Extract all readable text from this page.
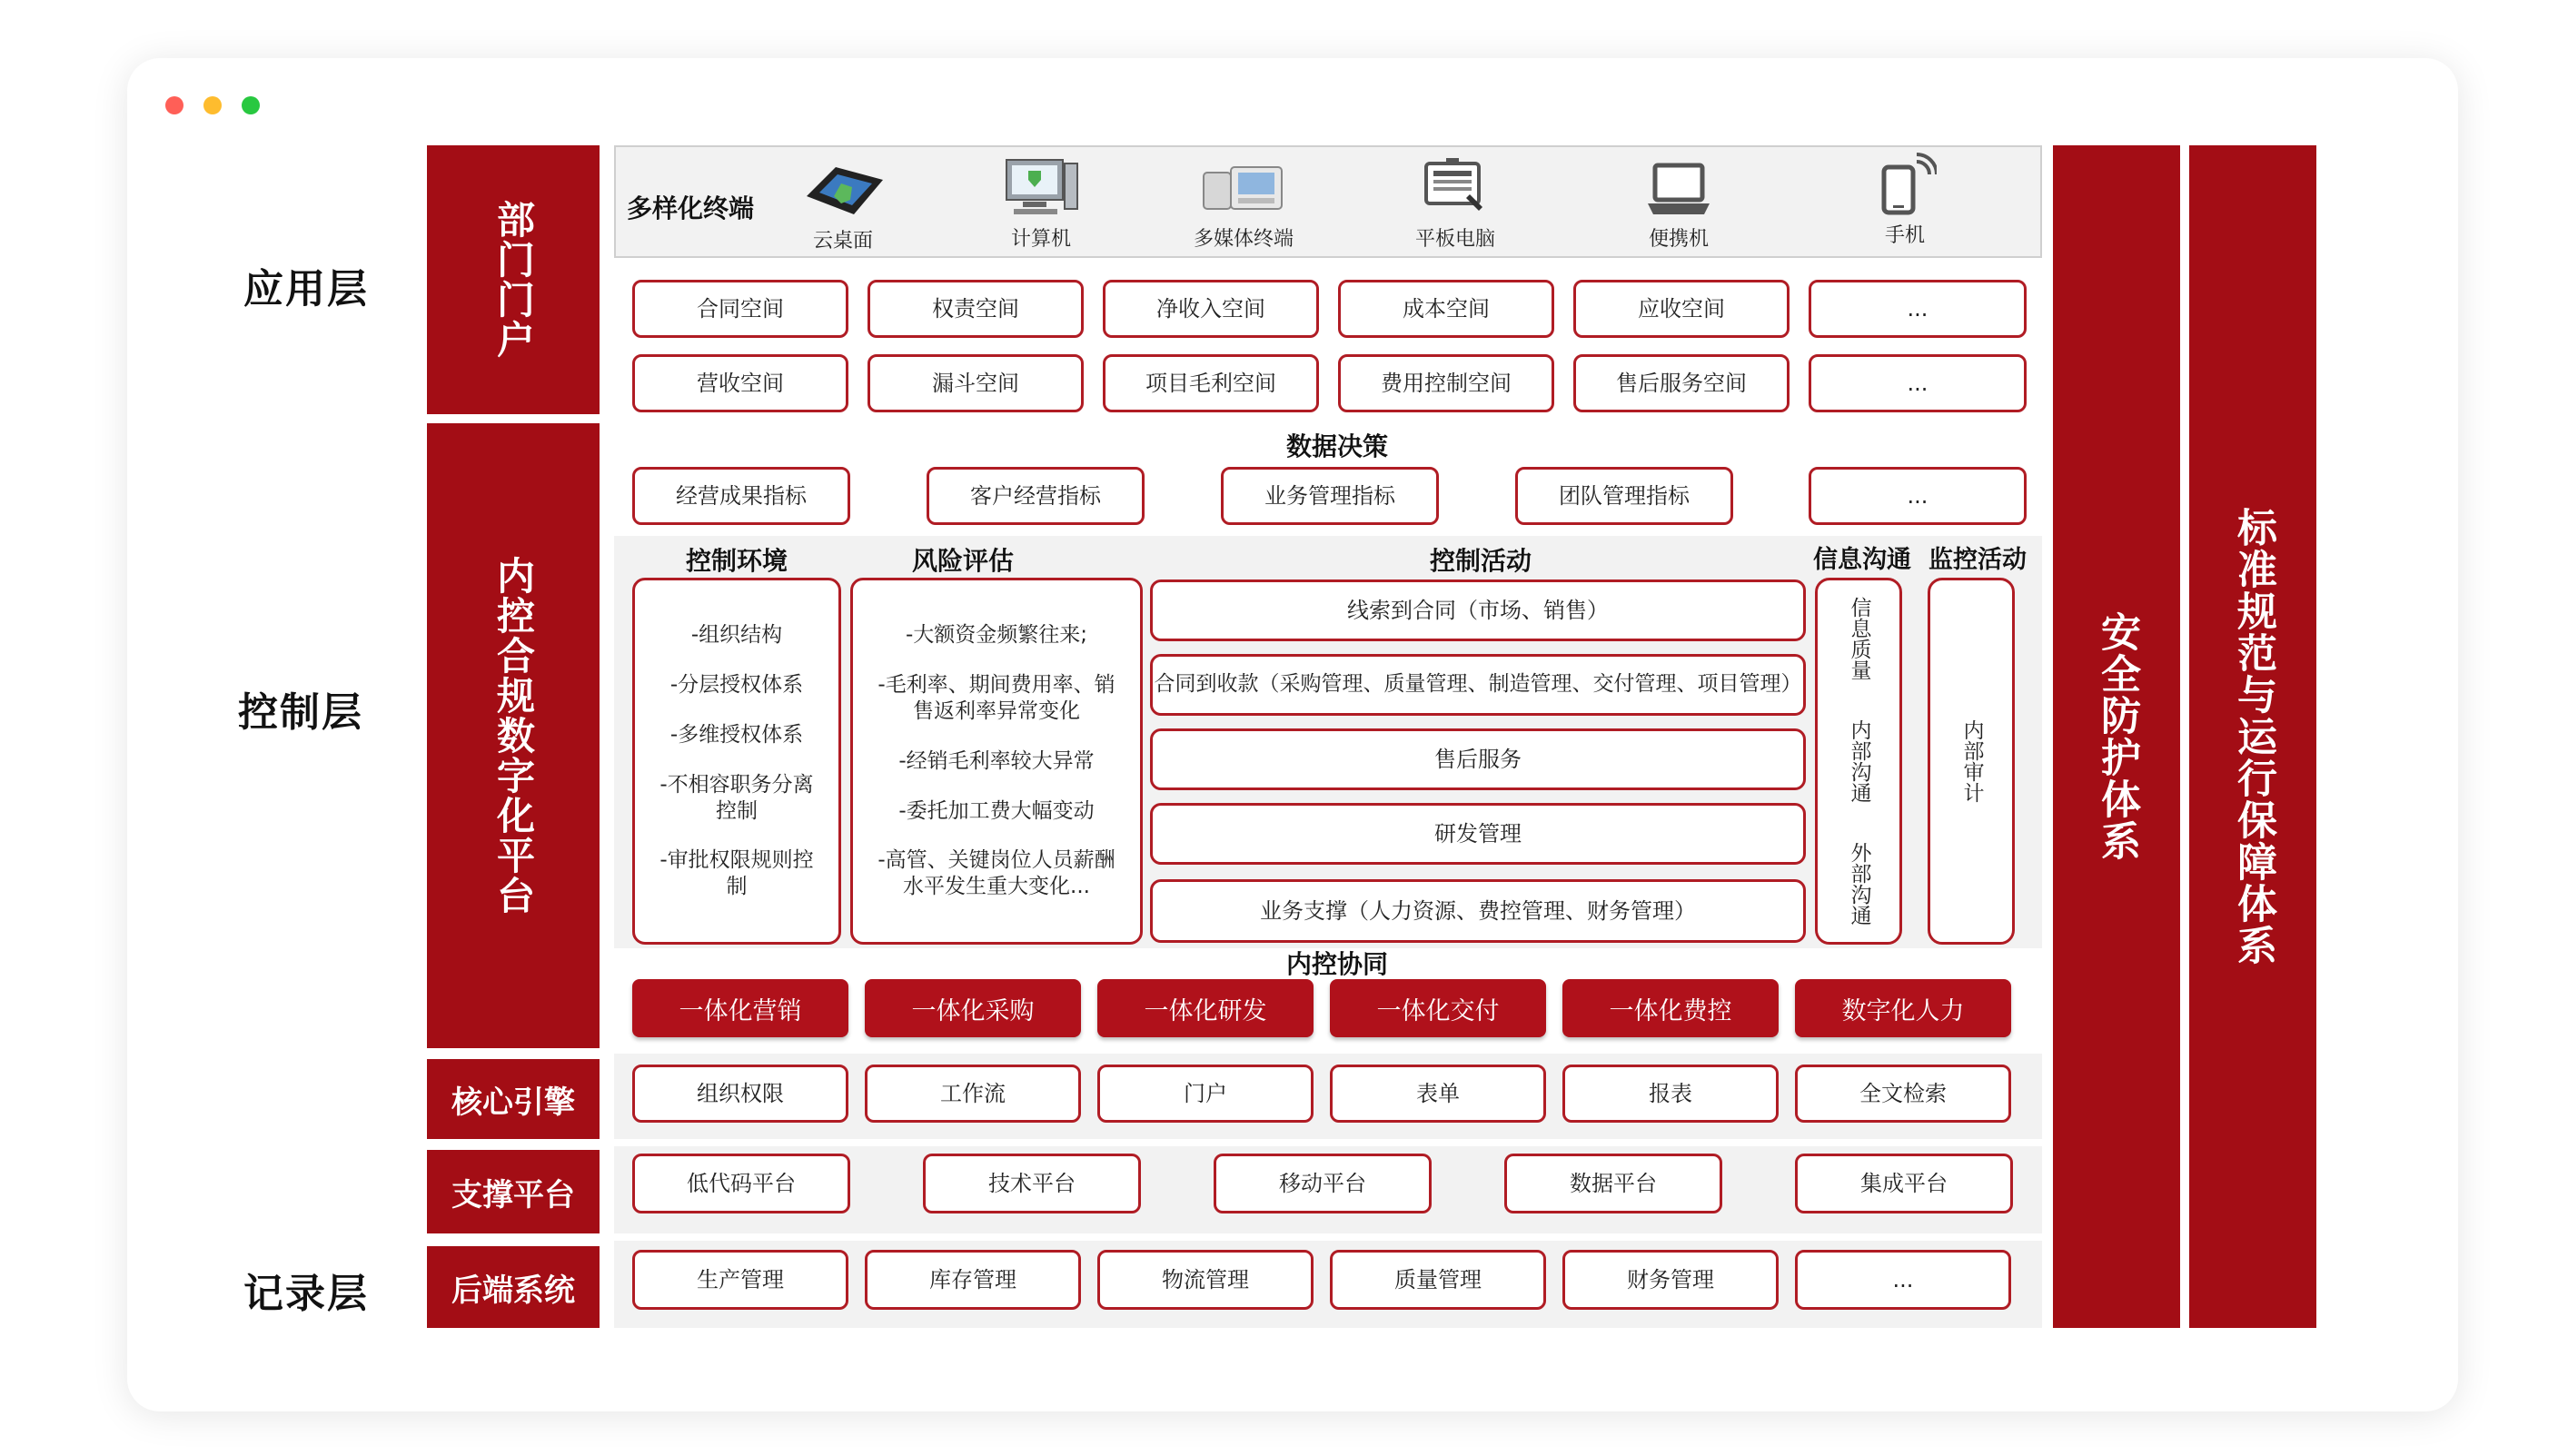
应用层
控制层
记录层
部门门户
内控合规数字化平台
核心引擎
支撑平台
后端系统
安全防护体系 标准规范与运行保障体系
多样化终端
云桌面	计算机	多媒体终端	平板电脑	便携机	手机
合同空间	权责空间	净收入空间	成本空间	应收空间	...
营收空间	漏斗空间	项目毛利空间	费用控制空间	售后服务空间	...
数据决策
经营成果指标	客户经营指标	业务管理指标	团队管理指标	...
控制环境	风险评估	控制活动	信息沟通 监控活动
-组织结构
-分层授权体系
-多维授权体系
-不相容职务分离控制
-审批权限规则控制
-大额资金频繁往来;
-毛利率、期间费用率、销售返利率异常变化
-经销毛利率较大异常
-委托加工费大幅变动
-高管、关键岗位人员薪酬水平发生重大变化...
线索到合同（市场、销售）
合同到收款（采购管理、质量管理、制造管理、交付管理、项目管理）
售后服务
研发管理
业务支撑（人力资源、费控管理、财务管理）
信息质量
内部沟通
外部沟通
内部审计
内控协同
一体化营销	一体化采购	一体化研发	一体化交付	一体化费控	数字化人力
组织权限	工作流	门户	表单	报表	全文检索
低代码平台	技术平台	移动平台	数据平台	集成平台
生产管理	库存管理	物流管理	质量管理	财务管理	...
